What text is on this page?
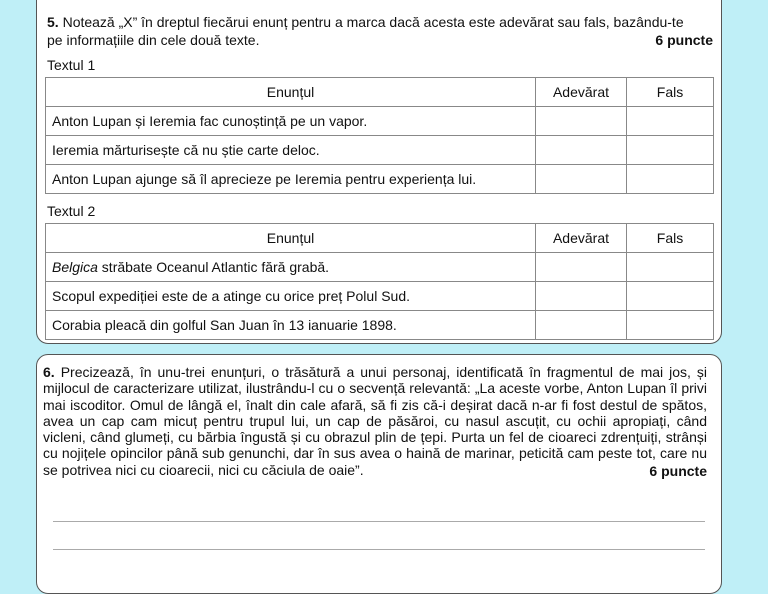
5. Notează „X” în dreptul fiecărui enunț pentru a marca dacă acesta este adevărat sau fals, bazându-te
pe informațiile din cele două texte.	6 puncte
Textul 1
Enunțul	Adevărat	Fals
Anton Lupan și Ieremia fac cunoștință pe un vapor.		
Ieremia mărturisește că nu știe carte deloc.		
Anton Lupan ajunge să îl aprecieze pe Ieremia pentru experiența lui.		
Textul 2
Enunțul	Adevărat	Fals
Belgica străbate Oceanul Atlantic fără grabă.		
Scopul expediției este de a atinge cu orice preț Polul Sud.		
Corabia pleacă din golful San Juan în 13 ianuarie 1898.		
6. Precizează, în unu-trei enunțuri, o trăsătură a unui personaj, identificată în fragmentul de mai jos, și mijlocul de caracterizare utilizat, ilustrându-l cu o secvență relevantă: „La aceste vorbe, Anton Lupan îl privi mai iscoditor. Omul de lângă el, înalt din cale afară, să fi zis că-i deșirat dacă n-ar fi fost destul de spătos, avea un cap cam micuț pentru trupul lui, un cap de păsăroi, cu nasul ascuțit, cu ochii apropiați, când vicleni, când glumeți, cu bărbia îngustă și cu obrazul plin de țepi. Purta un fel de cioareci zdrențuiți, strânși cu nojițele opincilor până sub genunchi, dar în sus avea o haină de marinar, peticită cam peste tot, care nu se potrivea nici cu cioarecii, nici cu căciula de oaie”.	6 puncte
